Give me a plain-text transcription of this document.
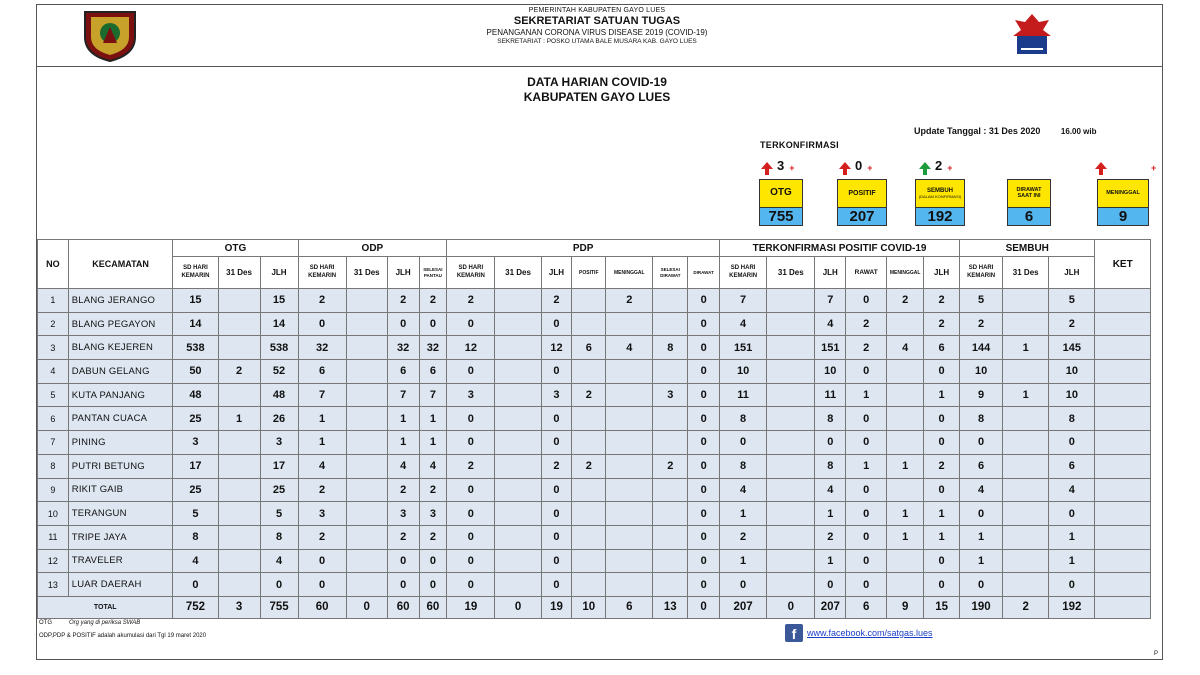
PEMERINTAH KABUPATEN GAYO LUES
SEKRETARIAT SATUAN TUGAS
PENANGANAN CORONA VIRUS DISEASE 2019 (COVID-19)
SEKRETARIAT : POSKO UTAMA BALE MUSARA KAB. GAYO LUES
DATA HARIAN COVID-19
KABUPATEN GAYO LUES
Update Tanggal : 31 Des 2020	16.00 wib
TERKONFIRMASI
3 +	0 +	2 +	+
OTG
755
POSITIF
207
SEMBUH
(DALAM KONFIRMASI)
192
DIRAWAT SAAT INI
6
MENINGGAL
9
NO	KECAMATAN	OTG			ODP				PDP							TERKONFIRMASI POSITIF COVID-19						SEMBUH			KET
		SD HARI KEMARIN	31 Des	JLH	SD HARI KEMARIN	31 Des	JLH	SELESAI PANTAU	SD HARI KEMARIN	31 Des	JLH	POSITIF	MENINGGAL	SELESAI DIRAWAT	DIRAWAT	SD HARI KEMARIN	31 Des	JLH	RAWAT	MENINGGAL	JLH	SD HARI KEMARIN	31 Des	JLH	
1	BLANG JERANGO	15		15	2		2	2	2		2		2		0	7		7	0	2	2	5		5	
2	BLANG PEGAYON	14		14	0		0	0	0		0				0	4		4	2		2	2		2	
3	BLANG KEJEREN	538		538	32		32	32	12		12	6	4	8	0	151		151	2	4	6	144	1	145	
4	DABUN GELANG	50	2	52	6		6	6	0		0				0	10		10	0		0	10		10	
5	KUTA PANJANG	48		48	7		7	7	3		3	2		3	0	11		11	1		1	9	1	10	
6	PANTAN CUACA	25	1	26	1		1	1	0		0				0	8		8	0		0	8		8	
7	PINING	3		3	1		1	1	0		0				0	0		0	0		0	0		0	
8	PUTRI BETUNG	17		17	4		4	4	2		2	2		2	0	8		8	1	1	2	6		6	
9	RIKIT GAIB	25		25	2		2	2	0		0				0	4		4	0		0	4		4	
10	TERANGUN	5		5	3		3	3	0		0				0	1		1	0	1	1	0		0	
11	TRIPE JAYA	8		8	2		2	2	0		0				0	2		2	0	1	1	1		1	
12	TRAVELER	4		4	0		0	0	0		0				0	1		1	0		0	1		1	
13	LUAR DAERAH	0		0	0		0	0	0		0				0	0		0	0		0	0		0	
TOTAL		752	3	755	60	0	60	60	19	0	19	10	6	13	0	207	0	207	6	9	15	190	2	192	
OTG	Org yang di periksa SWAB
ODP,PDP & POSITIF adalah akumulasi dari Tgl 19 maret 2020	f	www.facebook.com/satgas.lues
P
